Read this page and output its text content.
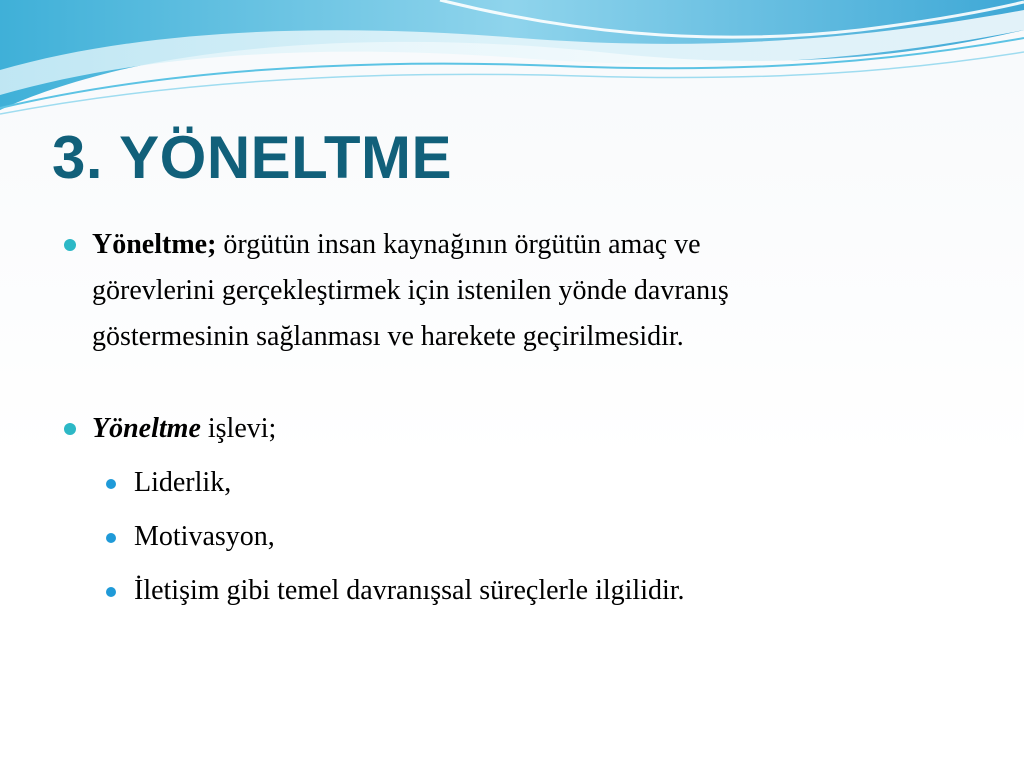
3. YÖNELTME

Yöneltme; örgütün insan kaynağının örgütün amaç ve
görevlerini gerçekleştirmek için istenilen yönde davranış
göstermesinin sağlanması ve harekete geçirilmesidir.

Yöneltme işlevi;

Liderlik,

Motivasyon,

İletişim gibi temel davranışsal süreçlerle ilgilidir.
